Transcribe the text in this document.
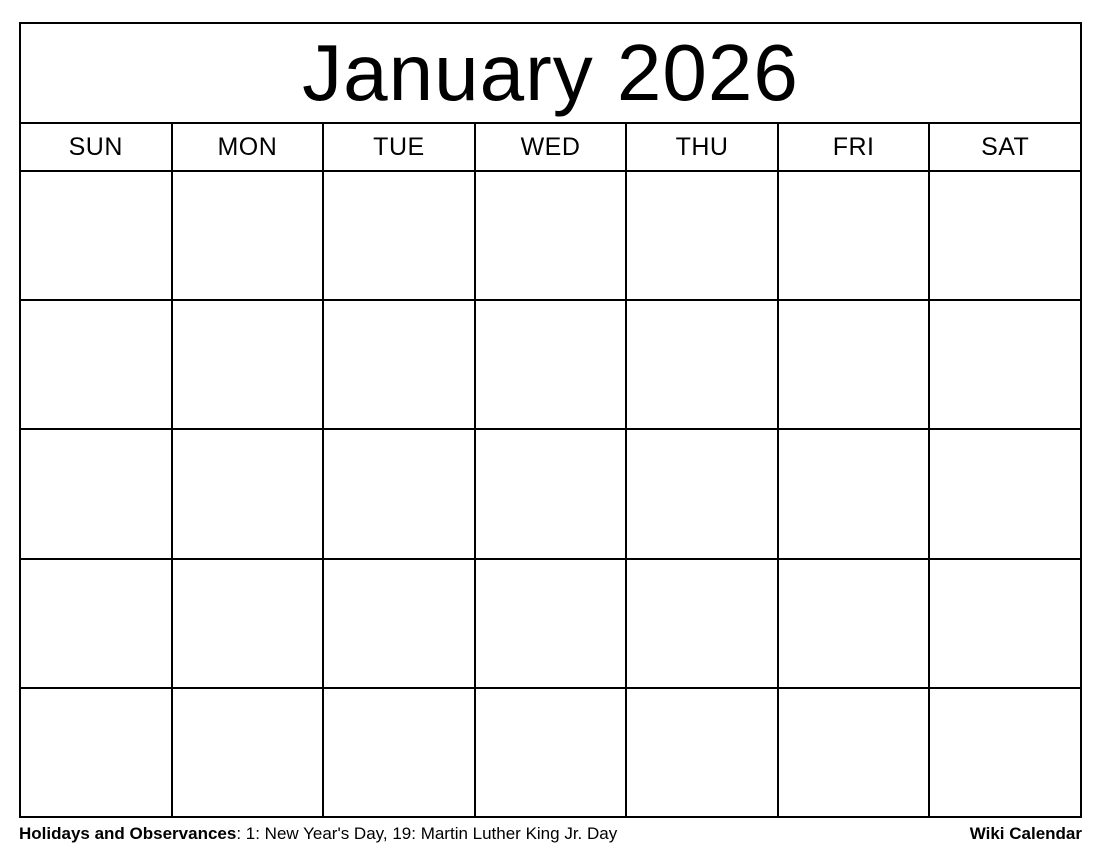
January 2026
SUN	MON	TUE	WED	THU	FRI	SAT
Holidays and Observances: 1: New Year's Day, 19: Martin Luther King Jr. Day	Wiki Calendar
